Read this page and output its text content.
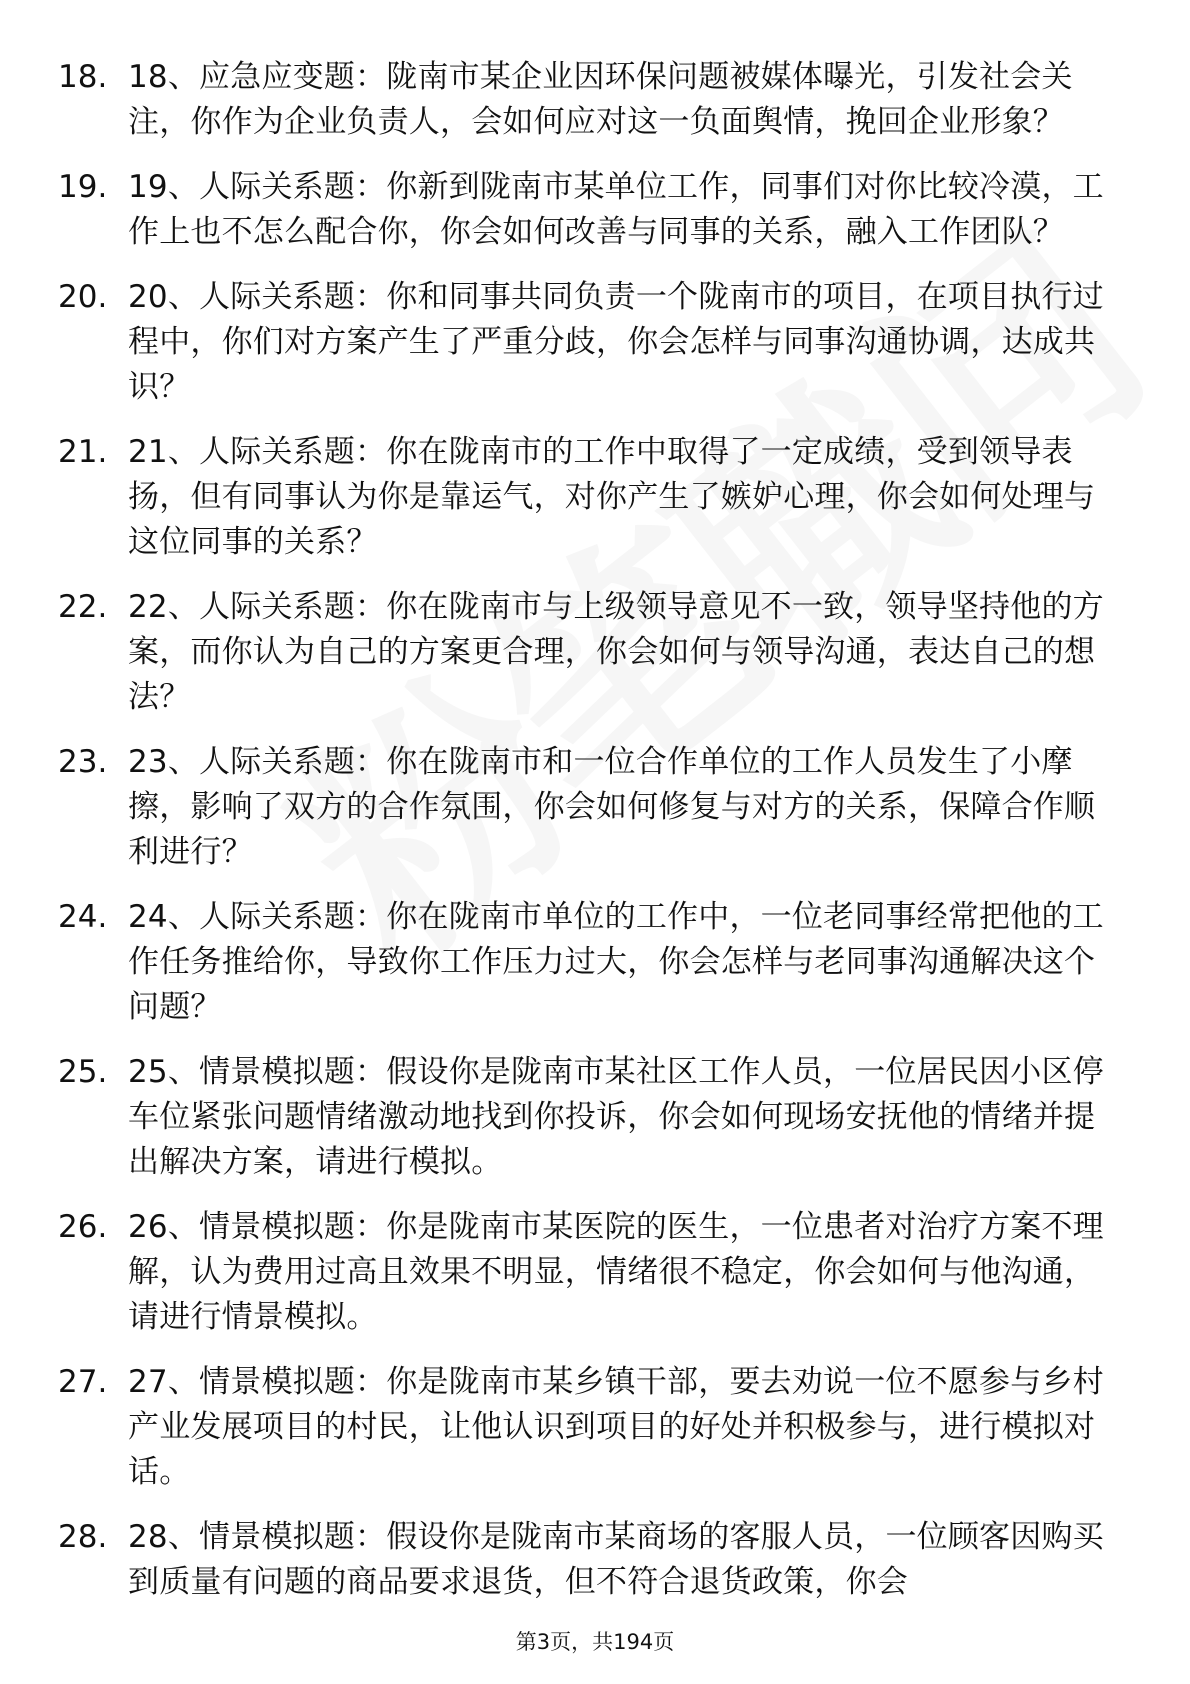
18. 18、应急应变题：陇南市某企业因环保问题被媒体曝光，引发社会关注，你作为企业负责人，会如何应对这一负面舆情，挽回企业形象？
19. 19、人际关系题：你新到陇南市某单位工作，同事们对你比较冷漠，工作上也不怎么配合你，你会如何改善与同事的关系，融入工作团队？
20. 20、人际关系题：你和同事共同负责一个陇南市的项目，在项目执行过程中，你们对方案产生了严重分歧，你会怎样与同事沟通协调，达成共识？
21. 21、人际关系题：你在陇南市的工作中取得了一定成绩，受到领导表扬，但有同事认为你是靠运气，对你产生了嫉妒心理，你会如何处理与这位同事的关系？
22. 22、人际关系题：你在陇南市与上级领导意见不一致，领导坚持他的方案，而你认为自己的方案更合理，你会如何与领导沟通，表达自己的想法？
23. 23、人际关系题：你在陇南市和一位合作单位的工作人员发生了小摩擦，影响了双方的合作氛围，你会如何修复与对方的关系，保障合作顺利进行？
24. 24、人际关系题：你在陇南市单位的工作中，一位老同事经常把他的工作任务推给你，导致你工作压力过大，你会怎样与老同事沟通解决这个问题？
25. 25、情景模拟题：假设你是陇南市某社区工作人员，一位居民因小区停车位紧张问题情绪激动地找到你投诉，你会如何现场安抚他的情绪并提出解决方案，请进行模拟。
26. 26、情景模拟题：你是陇南市某医院的医生，一位患者对治疗方案不理解，认为费用过高且效果不明显，情绪很不稳定，你会如何与他沟通，请进行情景模拟。
27. 27、情景模拟题：你是陇南市某乡镇干部，要去劝说一位不愿参与乡村产业发展项目的村民，让他认识到项目的好处并积极参与，进行模拟对话。
28. 28、情景模拟题：假设你是陇南市某商场的客服人员，一位顾客因购买到质量有问题的商品要求退货，但不符合退货政策，你会
第3页，共194页
